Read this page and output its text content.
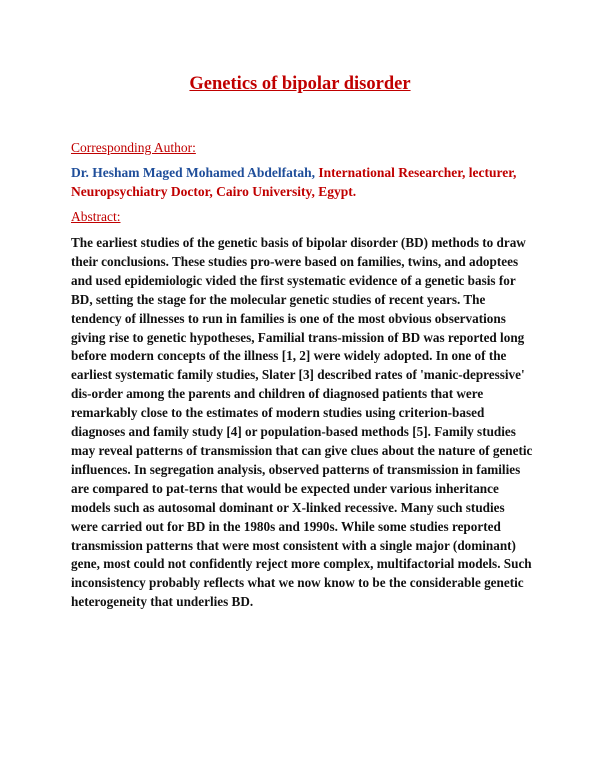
Genetics of bipolar disorder
Corresponding Author:
Dr. Hesham Maged Mohamed Abdelfatah, International Researcher, lecturer, Neuropsychiatry Doctor, Cairo University, Egypt.
Abstract:
The earliest studies of the genetic basis of bipolar disorder (BD) methods to draw their conclusions. These studies pro-were based on families, twins, and adoptees and used epidemiologic vided the first systematic evidence of a genetic basis for BD, setting the stage for the molecular genetic studies of recent years. The tendency of illnesses to run in families is one of the most obvious observations giving rise to genetic hypotheses, Familial trans-mission of BD was reported long before modern concepts of the illness [1, 2] were widely adopted. In one of the earliest systematic family studies, Slater [3] described rates of 'manic-depressive' dis-order among the parents and children of diagnosed patients that were remarkably close to the estimates of modern studies using criterion-based diagnoses and family study [4] or population-based methods [5]. Family studies may reveal patterns of transmission that can give clues about the nature of genetic influences. In segregation analysis, observed patterns of transmission in families are compared to pat-terns that would be expected under various inheritance models such as autosomal dominant or X-linked recessive. Many such studies were carried out for BD in the 1980s and 1990s. While some studies reported transmission patterns that were most consistent with a single major (dominant) gene, most could not confidently reject more complex, multifactorial models. Such inconsistency probably reflects what we now know to be the considerable genetic heterogeneity that underlies BD.
